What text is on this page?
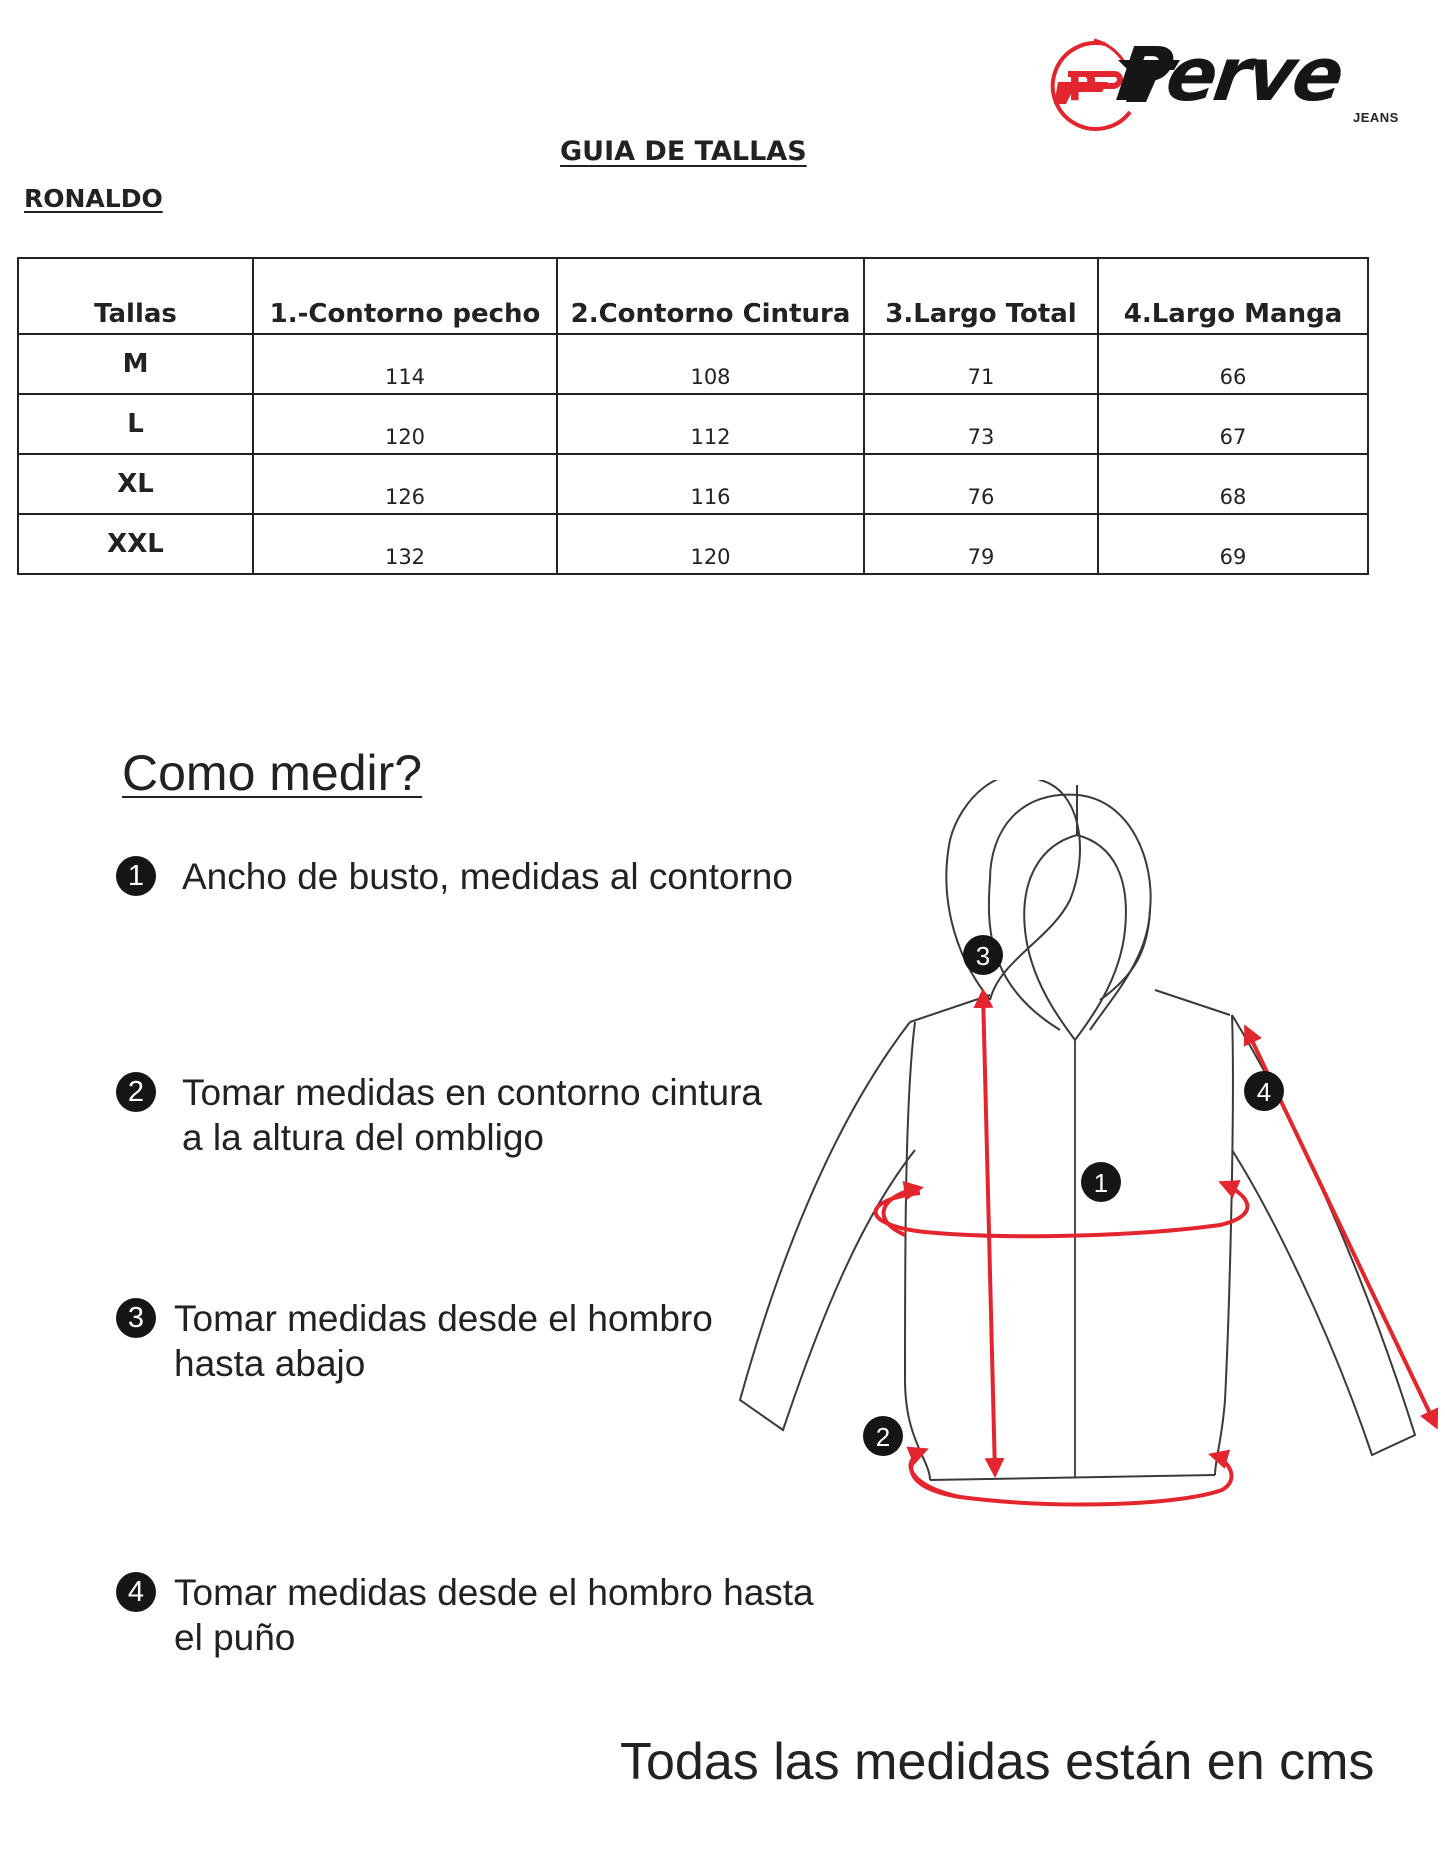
P Perve JEANS
GUIA DE TALLAS
RONALDO
Tallas	1.-Contorno pecho	2.Contorno Cintura	3.Largo Total	4.Largo Manga
M	114	108	71	66
L	120	112	73	67
XL	126	116	76	68
XXL	132	120	79	69
Como medir?
1	Ancho de busto, medidas al contorno
2	Tomar medidas en contorno cintura
a la altura del ombligo
3 Tomar medidas desde el hombro
hasta abajo
4 Tomar medidas desde el hombro hasta
el puño
1
2
3
4
Todas las medidas están en cms
